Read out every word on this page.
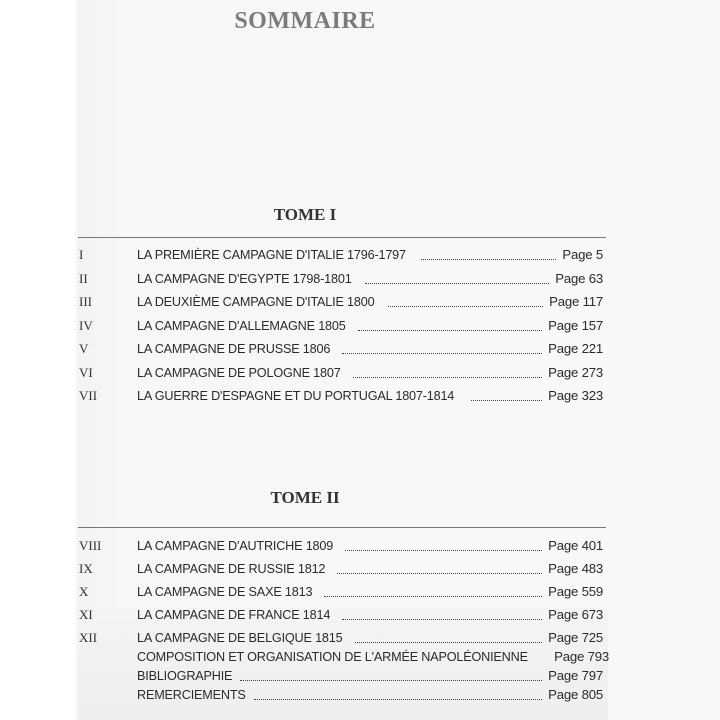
SOMMAIRE
TOME I
I	LA PREMIÈRE CAMPAGNE D'ITALIE 1796-1797	Page 5
II	LA CAMPAGNE D'EGYPTE 1798-1801	Page 63
III	LA DEUXIÈME CAMPAGNE D'ITALIE 1800	Page 117
IV	LA CAMPAGNE D'ALLEMAGNE 1805	Page 157
V	LA CAMPAGNE DE PRUSSE 1806	Page 221
VI	LA CAMPAGNE DE POLOGNE 1807	Page 273
VII	LA GUERRE D'ESPAGNE ET DU PORTUGAL 1807-1814	Page 323
TOME II
VIII	LA CAMPAGNE D'AUTRICHE 1809	Page 401
IX	LA CAMPAGNE DE RUSSIE 1812	Page 483
X	LA CAMPAGNE DE SAXE 1813	Page 559
XI	LA CAMPAGNE DE FRANCE 1814	Page 673
XII	LA CAMPAGNE DE BELGIQUE 1815	Page 725
COMPOSITION ET ORGANISATION DE L'ARMÉE NAPOLÉONIENNE Page 793
BIBLIOGRAPHIE	Page 797
REMERCIEMENTS	Page 805
